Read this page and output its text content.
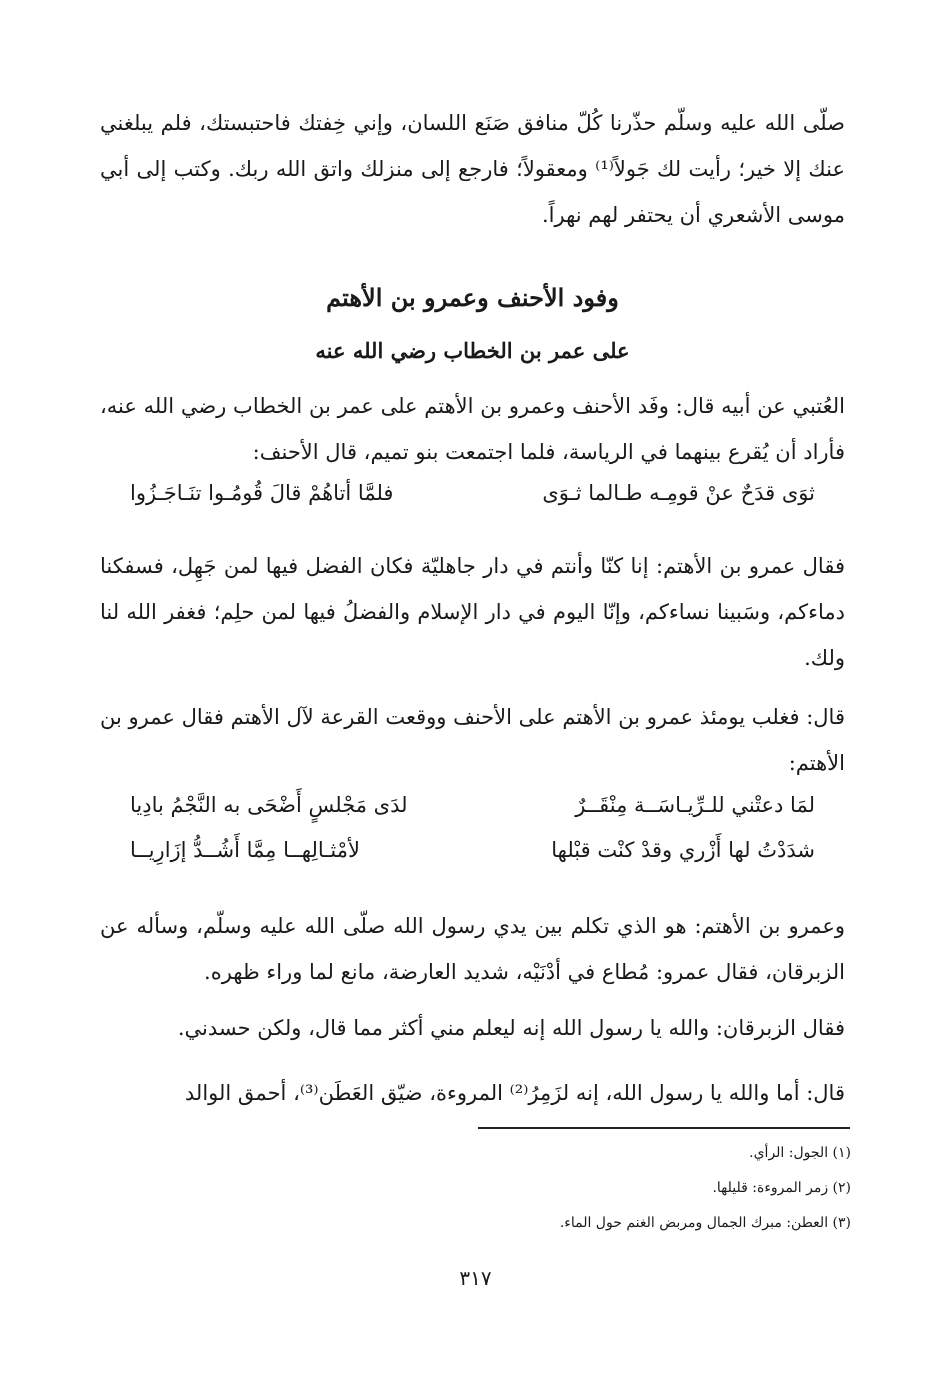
صلّى الله عليه وسلّم حذّرنا كُلّ منافق صَنَع اللسان، وإني خِفتك فاحتبستك، فلم يبلغني عنك إلا خير؛ رأيت لك جَولاً⁽¹⁾ ومعقولاً؛ فارجع إلى منزلك واتق الله ربك. وكتب إلى أبي موسى الأشعري أن يحتفر لهم نهراً.

وفود الأحنف وعمرو بن الأهتم
على عمر بن الخطاب رضي الله عنه

العُتبي عن أبيه قال: وفَد الأحنف وعمرو بن الأهتم على عمر بن الخطاب رضي الله عنه، فأراد أن يُقرع بينهما في الرياسة، فلما اجتمعت بنو تميم، قال الأحنف:

ثوَى قدَحٌ عنْ قومِـه طـالما ثـوَى
فلمَّا أتاهُمْ قالَ قُومُـوا تنَـاجَـزُوا

فقال عمرو بن الأهتم: إنا كنّا وأنتم في دار جاهليّة فكان الفضل فيها لمن جَهِل، فسفكنا دماءكم، وسَبينا نساءكم، وإنّا اليوم في دار الإسلام والفضلُ فيها لمن حلِم؛ فغفر الله لنا ولك.

قال: فغلب يومئذ عمرو بن الأهتم على الأحنف ووقعت القرعة لآل الأهتم فقال عمرو بن الأهتم:

لمَا دعتْني للـرِّيـاسَــة مِنْقَــرٌ
لدَى مَجْلسٍ أَضْحَى به النَّجْمُ بادِيا
شدَدْتُ لها أَزْري وقدْ كنْت قبْلها
لأمْثـالِهــا مِمَّا أَشُــدُّ إزَارِيــا

وعمرو بن الأهتم: هو الذي تكلم بين يدي رسول الله صلّى الله عليه وسلّم، وسأله عن الزبرقان، فقال عمرو: مُطاع في أدْنَيْه، شديد العارضة، مانع لما وراء ظهره.

فقال الزبرقان: والله يا رسول الله إنه ليعلم مني أكثر مما قال، ولكن حسدني.

قال: أما والله يا رسول الله، إنه لزَمِرُ⁽²⁾ المروءة، ضيّق العَطَن⁽³⁾، أحمق الوالد

(١) الجول: الرأي.

(٢) زمر المروءة: قليلها.

(٣) العطن: مبرك الجمال ومربض الغنم حول الماء.

٣١٧
